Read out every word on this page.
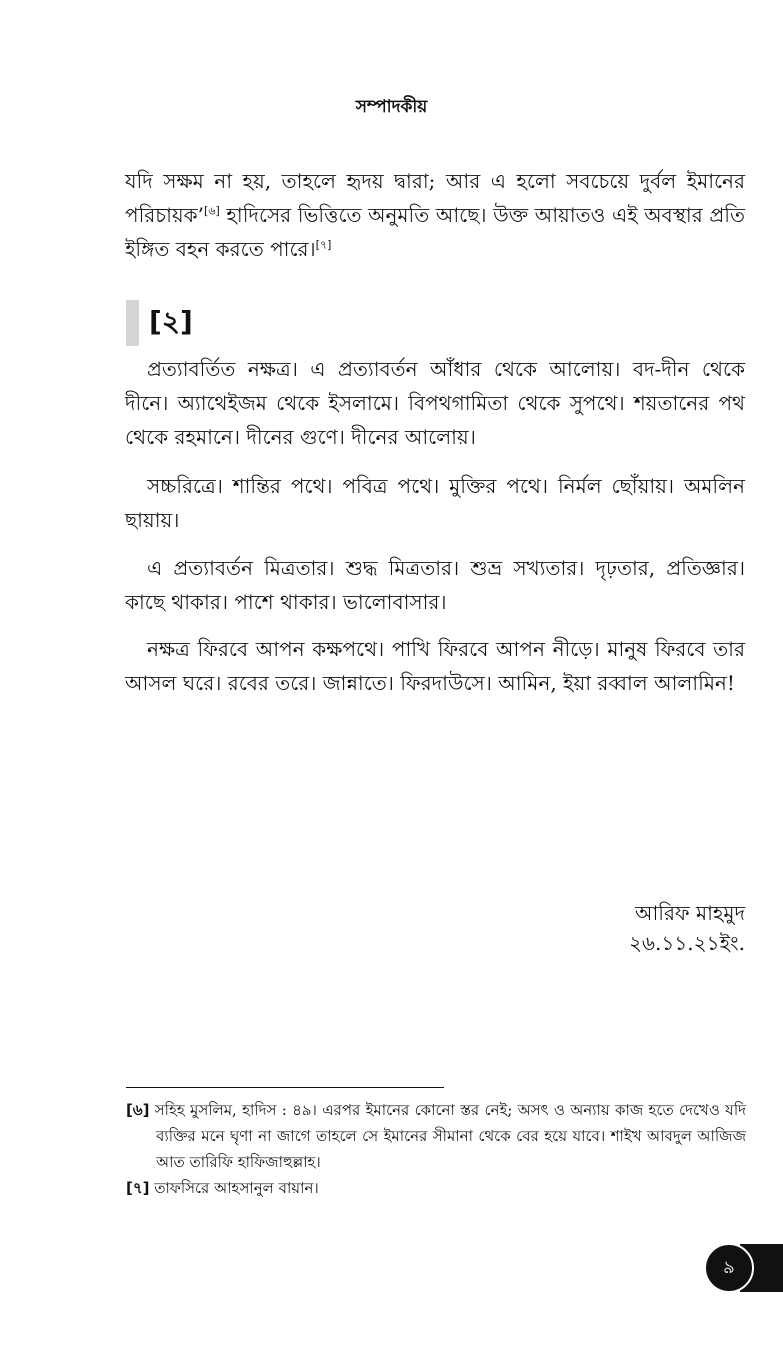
সম্পাদকীয়

যদি সক্ষম না হয়, তাহলে হৃদয় দ্বারা; আর এ হলো সবচেয়ে দুর্বল ইমানের পরিচায়ক’[৬] হাদিসের ভিত্তিতে অনুমতি আছে। উক্ত আয়াতও এই অবস্থার প্রতি ইঙ্গিত বহন করতে পারে।[৭]

[২]

প্রত্যাবর্তিত নক্ষত্র। এ প্রত্যাবর্তন আঁধার থেকে আলোয়। বদ-দীন থেকে দীনে। অ্যাথেইজম থেকে ইসলামে। বিপথগামিতা থেকে সুপথে। শয়তানের পথ থেকে রহমানে। দীনের গুণে। দীনের আলোয়।

সচ্চরিত্রে। শান্তির পথে। পবিত্র পথে। মুক্তির পথে। নির্মল ছোঁয়ায়। অমলিন ছায়ায়।

এ প্রত্যাবর্তন মিত্রতার। শুদ্ধ মিত্রতার। শুভ্র সখ্যতার। দৃঢ়তার, প্রতিজ্ঞার। কাছে থাকার। পাশে থাকার। ভালোবাসার।

নক্ষত্র ফিরবে আপন কক্ষপথে। পাখি ফিরবে আপন নীড়ে। মানুষ ফিরবে তার আসল ঘরে। রবের তরে। জান্নাতে। ফিরদাউসে। আমিন, ইয়া রব্বাল আলামিন!

আরিফ মাহমুদ
২৬.১১.২১ইং.
[৬] সহিহ মুসলিম, হাদিস : ৪৯। এরপর ইমানের কোনো স্তর নেই; অসৎ ও অন্যায় কাজ হতে দেখেও যদি ব্যক্তির মনে ঘৃণা না জাগে তাহলে সে ইমানের সীমানা থেকে বের হয়ে যাবে। শাইখ আবদুল আজিজ আত তারিফি হাফিজাহুল্লাহ।
[৭] তাফসিরে আহসানুল বায়ান।
৯
